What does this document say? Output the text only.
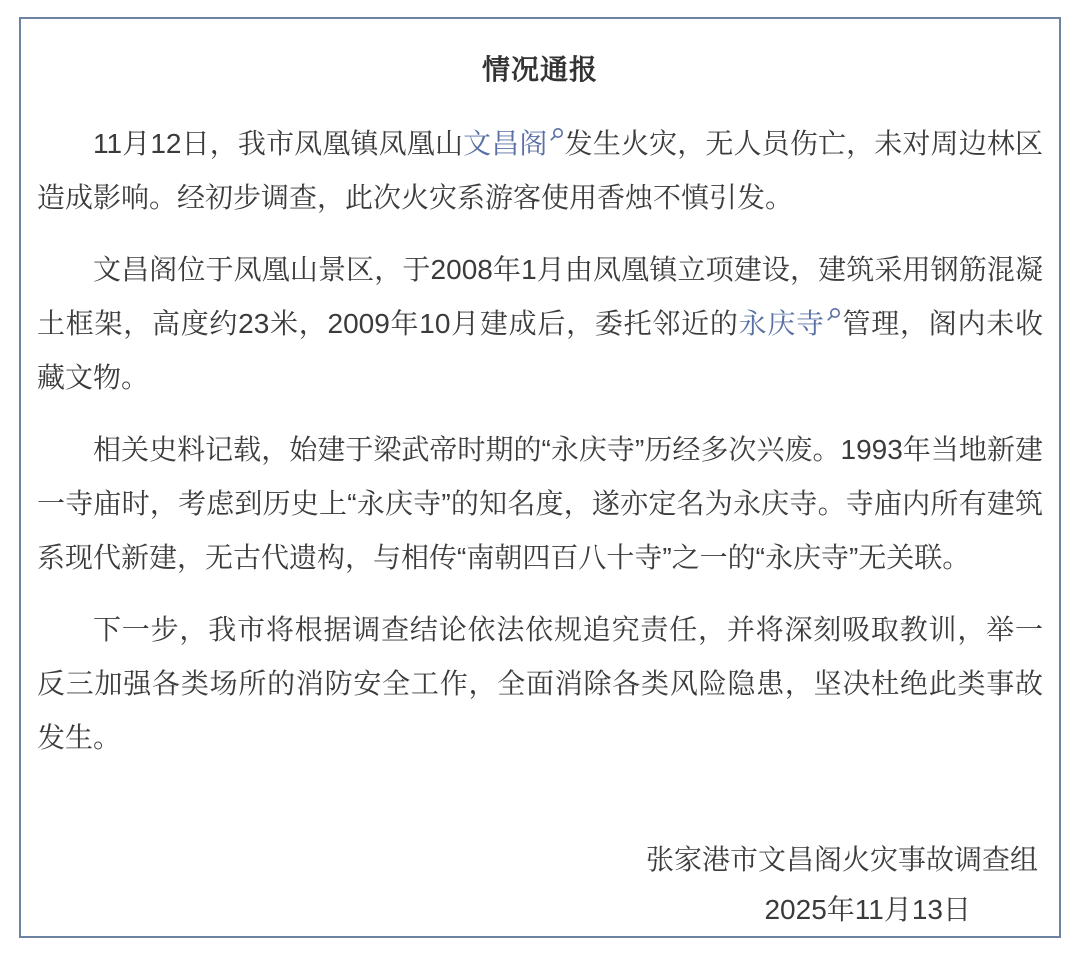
情况通报

11月12日，我市凤凰镇凤凰山文昌阁 发生火灾，无人员伤亡，未对周边林区造成影响。经初步调查，此次火灾系游客使用香烛不慎引发。

文昌阁位于凤凰山景区，于2008年1月由凤凰镇立项建设，建筑采用钢筋混凝土框架，高度约23米，2009年10月建成后，委托邻近的永庆寺 管理，阁内未收藏文物。

相关史料记载，始建于梁武帝时期的“永庆寺”历经多次兴废。1993年当地新建一寺庙时，考虑到历史上“永庆寺”的知名度，遂亦定名为永庆寺。寺庙内所有建筑系现代新建，无古代遗构，与相传“南朝四百八十寺”之一的“永庆寺”无关联。

下一步，我市将根据调查结论依法依规追究责任，并将深刻吸取教训，举一反三加强各类场所的消防安全工作，全面消除各类风险隐患，坚决杜绝此类事故发生。

张家港市文昌阁火灾事故调查组
2025年11月13日
